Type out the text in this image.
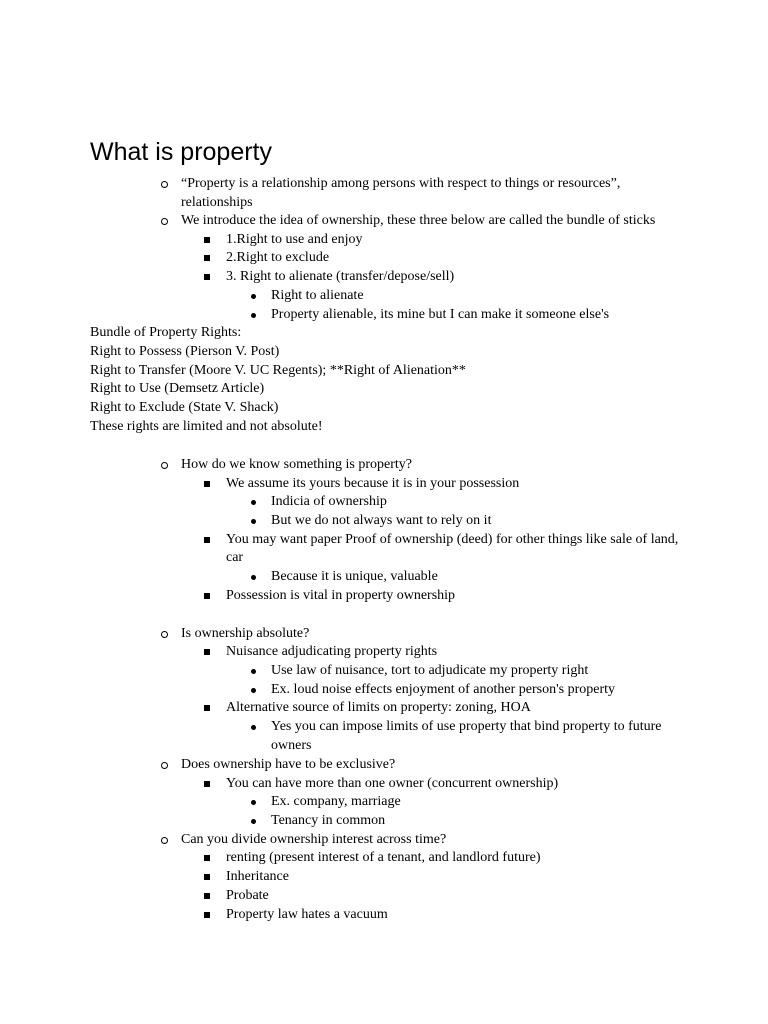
What is property
“Property is a relationship among persons with respect to things or resources”,
relationships
We introduce the idea of ownership, these three below are called the bundle of sticks
1.Right to use and enjoy
2.Right to exclude
3. Right to alienate (transfer/depose/sell)
Right to alienate
Property alienable, its mine but I can make it someone else's
Bundle of Property Rights:
Right to Possess (Pierson V. Post)
Right to Transfer (Moore V. UC Regents); **Right of Alienation**
Right to Use (Demsetz Article)
Right to Exclude (State V. Shack)
These rights are limited and not absolute!
How do we know something is property?
We assume its yours because it is in your possession
Indicia of ownership
But we do not always want to rely on it
You may want paper Proof of ownership (deed) for other things like sale of land,
car
Because it is unique, valuable
Possession is vital in property ownership
Is ownership absolute?
Nuisance adjudicating property rights
Use law of nuisance, tort to adjudicate my property right
Ex. loud noise effects enjoyment of another person's property
Alternative source of limits on property: zoning, HOA
Yes you can impose limits of use property that bind property to future
owners
Does ownership have to be exclusive?
You can have more than one owner (concurrent ownership)
Ex. company, marriage
Tenancy in common
Can you divide ownership interest across time?
renting (present interest of a tenant, and landlord future)
Inheritance
Probate
Property law hates a vacuum
